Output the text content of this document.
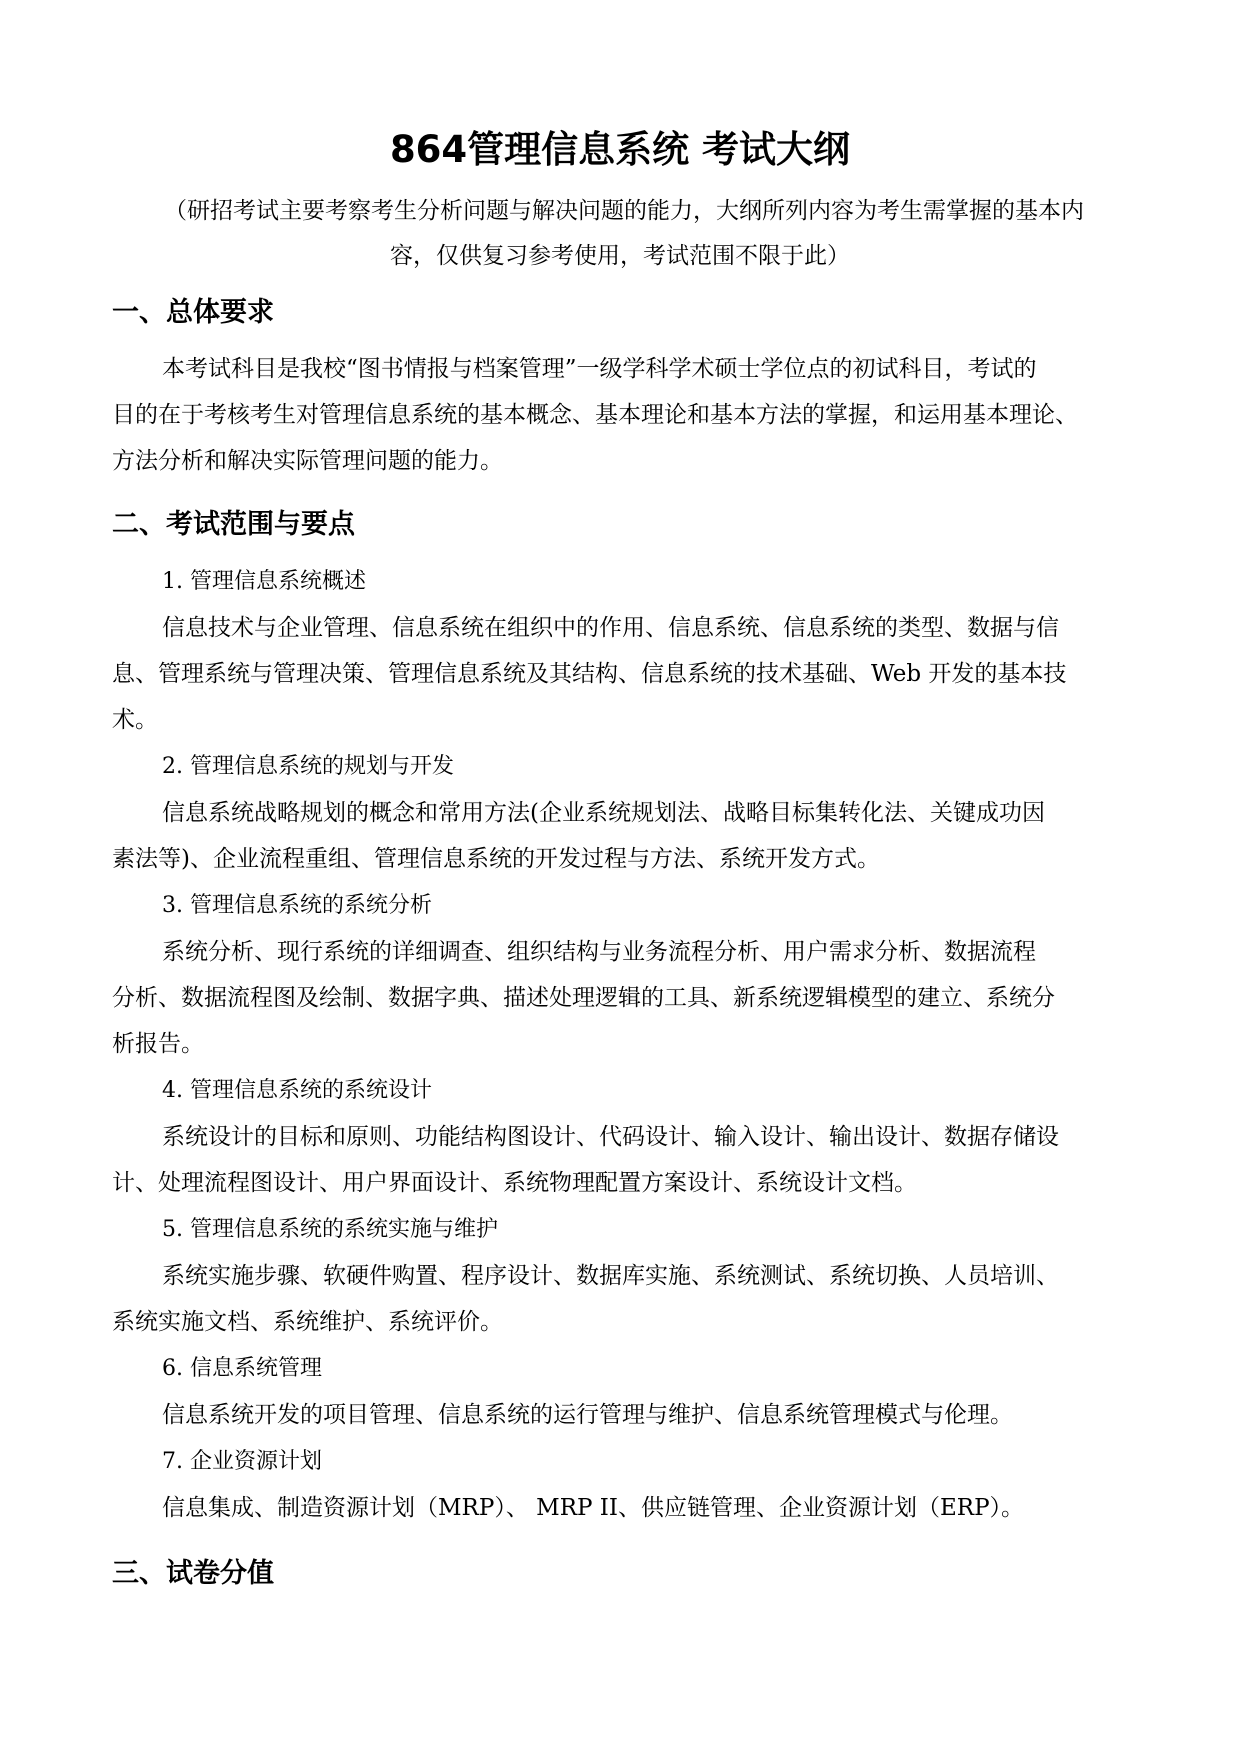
864管理信息系统 考试大纲
（研招考试主要考察考生分析问题与解决问题的能力，大纲所列内容为考生需掌握的基本内
容，仅供复习参考使用，考试范围不限于此）
一、总体要求
本考试科目是我校“图书情报与档案管理”一级学科学术硕士学位点的初试科目，考试的
目的在于考核考生对管理信息系统的基本概念、基本理论和基本方法的掌握，和运用基本理论、
方法分析和解决实际管理问题的能力。
二、考试范围与要点
1. 管理信息系统概述
信息技术与企业管理、信息系统在组织中的作用、信息系统、信息系统的类型、数据与信
息、管理系统与管理决策、管理信息系统及其结构、信息系统的技术基础、Web 开发的基本技
术。
2. 管理信息系统的规划与开发
信息系统战略规划的概念和常用方法(企业系统规划法、战略目标集转化法、关键成功因
素法等)、企业流程重组、管理信息系统的开发过程与方法、系统开发方式。
3. 管理信息系统的系统分析
系统分析、现行系统的详细调查、组织结构与业务流程分析、用户需求分析、数据流程
分析、数据流程图及绘制、数据字典、描述处理逻辑的工具、新系统逻辑模型的建立、系统分
析报告。
4. 管理信息系统的系统设计
系统设计的目标和原则、功能结构图设计、代码设计、输入设计、输出设计、数据存储设
计、处理流程图设计、用户界面设计、系统物理配置方案设计、系统设计文档。
5. 管理信息系统的系统实施与维护
系统实施步骤、软硬件购置、程序设计、数据库实施、系统测试、系统切换、人员培训、
系统实施文档、系统维护、系统评价。
6. 信息系统管理
信息系统开发的项目管理、信息系统的运行管理与维护、信息系统管理模式与伦理。
7. 企业资源计划
信息集成、制造资源计划（MRP）、 MRP II、供应链管理、企业资源计划（ERP）。
三、试卷分值
